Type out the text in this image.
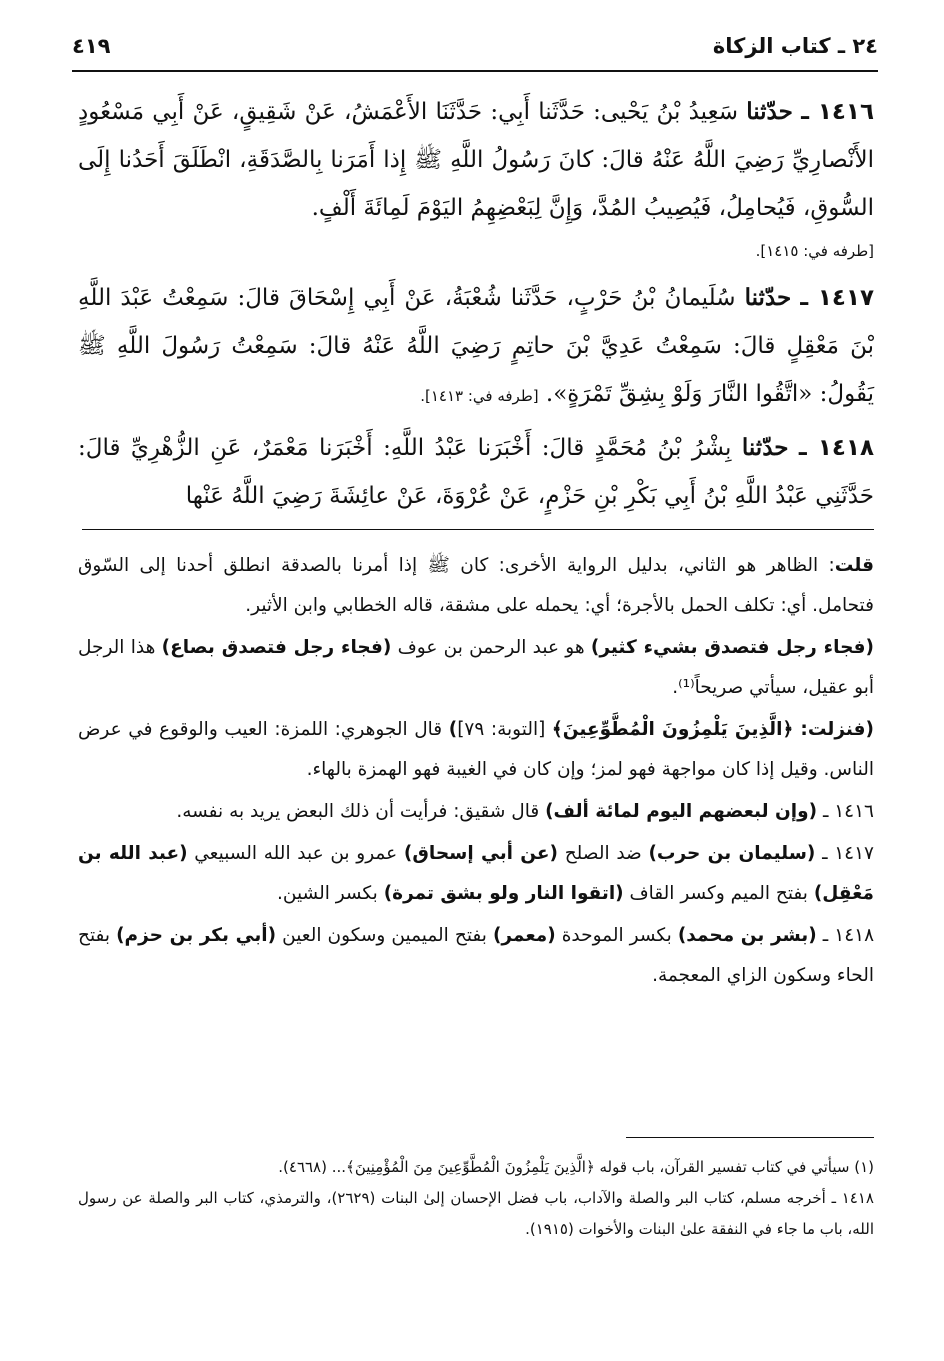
٢٤ ـ كتاب الزكاة
٤١٩

١٤١٦ ـ حدّثنا سَعِيدُ بْنُ يَحْيى: حَدَّثَنا أَبِي: حَدَّثَنَا الأَعْمَشُ، عَنْ شَقِيقٍ، عَنْ أَبِي مَسْعُودٍ الأَنْصارِيِّ رَضِيَ اللَّهُ عَنْهُ قالَ: كانَ رَسُولُ اللَّهِ ﷺ إِذا أَمَرَنا بِالصَّدَقَةِ، انْطَلَقَ أَحَدُنا إِلَى السُّوقِ، فَيُحامِلُ، فَيُصِيبُ المُدَّ، وَإِنَّ لِبَعْضِهِمُ اليَوْمَ لَمِائَةَ أَلْفٍ.

[طرفه في: ١٤١٥].

١٤١٧ ـ حدّثنا سُلَيمانُ بْنُ حَرْبٍ، حَدَّثَنا شُعْبَةُ، عَنْ أَبِي إِسْحَاقَ قالَ: سَمِعْتُ عَبْدَ اللَّهِ بْنَ مَعْقِلٍ قالَ: سَمِعْتُ عَدِيَّ بْنَ حاتِمٍ رَضِيَ اللَّهُ عَنْهُ قالَ: سَمِعْتُ رَسُولَ اللَّهِ ﷺ يَقُولُ: «اتَّقُوا النَّارَ وَلَوْ بِشِقِّ تَمْرَةٍ». [طرفه في: ١٤١٣].

١٤١٨ ـ حدّثنا بِشْرُ بْنُ مُحَمَّدٍ قالَ: أَخْبَرَنا عَبْدُ اللَّهِ: أَخْبَرَنا مَعْمَرٌ، عَنِ الزُّهْرِيِّ قالَ: حَدَّثَنِي عَبْدُ اللَّهِ بْنُ أَبِي بَكْرِ بْنِ حَزْمٍ، عَنْ عُرْوَةَ، عَنْ عائِشَةَ رَضِيَ اللَّهُ عَنْها

قلت: الظاهر هو الثاني، بدليل الرواية الأخرى: كان ﷺ إذا أمرنا بالصدقة انطلق أحدنا إلى السّوق فتحامل. أي: تكلف الحمل بالأجرة؛ أي: يحمله على مشقة، قاله الخطابي وابن الأثير.

(فجاء رجل فتصدق بشيء كثير) هو عبد الرحمن بن عوف (فجاء رجل فتصدق بصاع) هذا الرجل أبو عقيل، سيأتي صريحاً⁽¹⁾.

(فنزلت: ﴿الَّذِينَ يَلْمِزُونَ الْمُطَّوِّعِينَ﴾ [التوبة: ٧٩]) قال الجوهري: اللمزة: العيب والوقوع في عرض الناس. وقيل إذا كان مواجهة فهو لمز؛ وإن كان في الغيبة فهو الهمزة بالهاء.

١٤١٦ ـ (وإن لبعضهم اليوم لمائة ألف) قال شقيق: فرأيت أن ذلك البعض يريد به نفسه.

١٤١٧ ـ (سليمان بن حرب) ضد الصلح (عن أبي إسحاق) عمرو بن عبد الله السبيعي (عبد الله بن مَعْقِل) بفتح الميم وكسر القاف (اتقوا النار ولو بشق تمرة) بكسر الشين.

١٤١٨ ـ (بشر بن محمد) بكسر الموحدة (معمر) بفتح الميمين وسكون العين (أبي بكر بن حزم) بفتح الحاء وسكون الزاي المعجمة.

(١) سيأتي في كتاب تفسير القرآن، باب قوله ﴿الَّذِينَ يَلْمِزُونَ الْمُطَّوِّعِينَ مِنَ الْمُؤْمِنِينَ﴾... (٤٦٦٨).

١٤١٨ ـ أخرجه مسلم، كتاب البر والصلة والآداب، باب فضل الإحسان إلىٰ البنات (٢٦٢٩)، والترمذي، كتاب البر والصلة عن رسول الله، باب ما جاء في النفقة علىٰ البنات والأخوات (١٩١٥).
